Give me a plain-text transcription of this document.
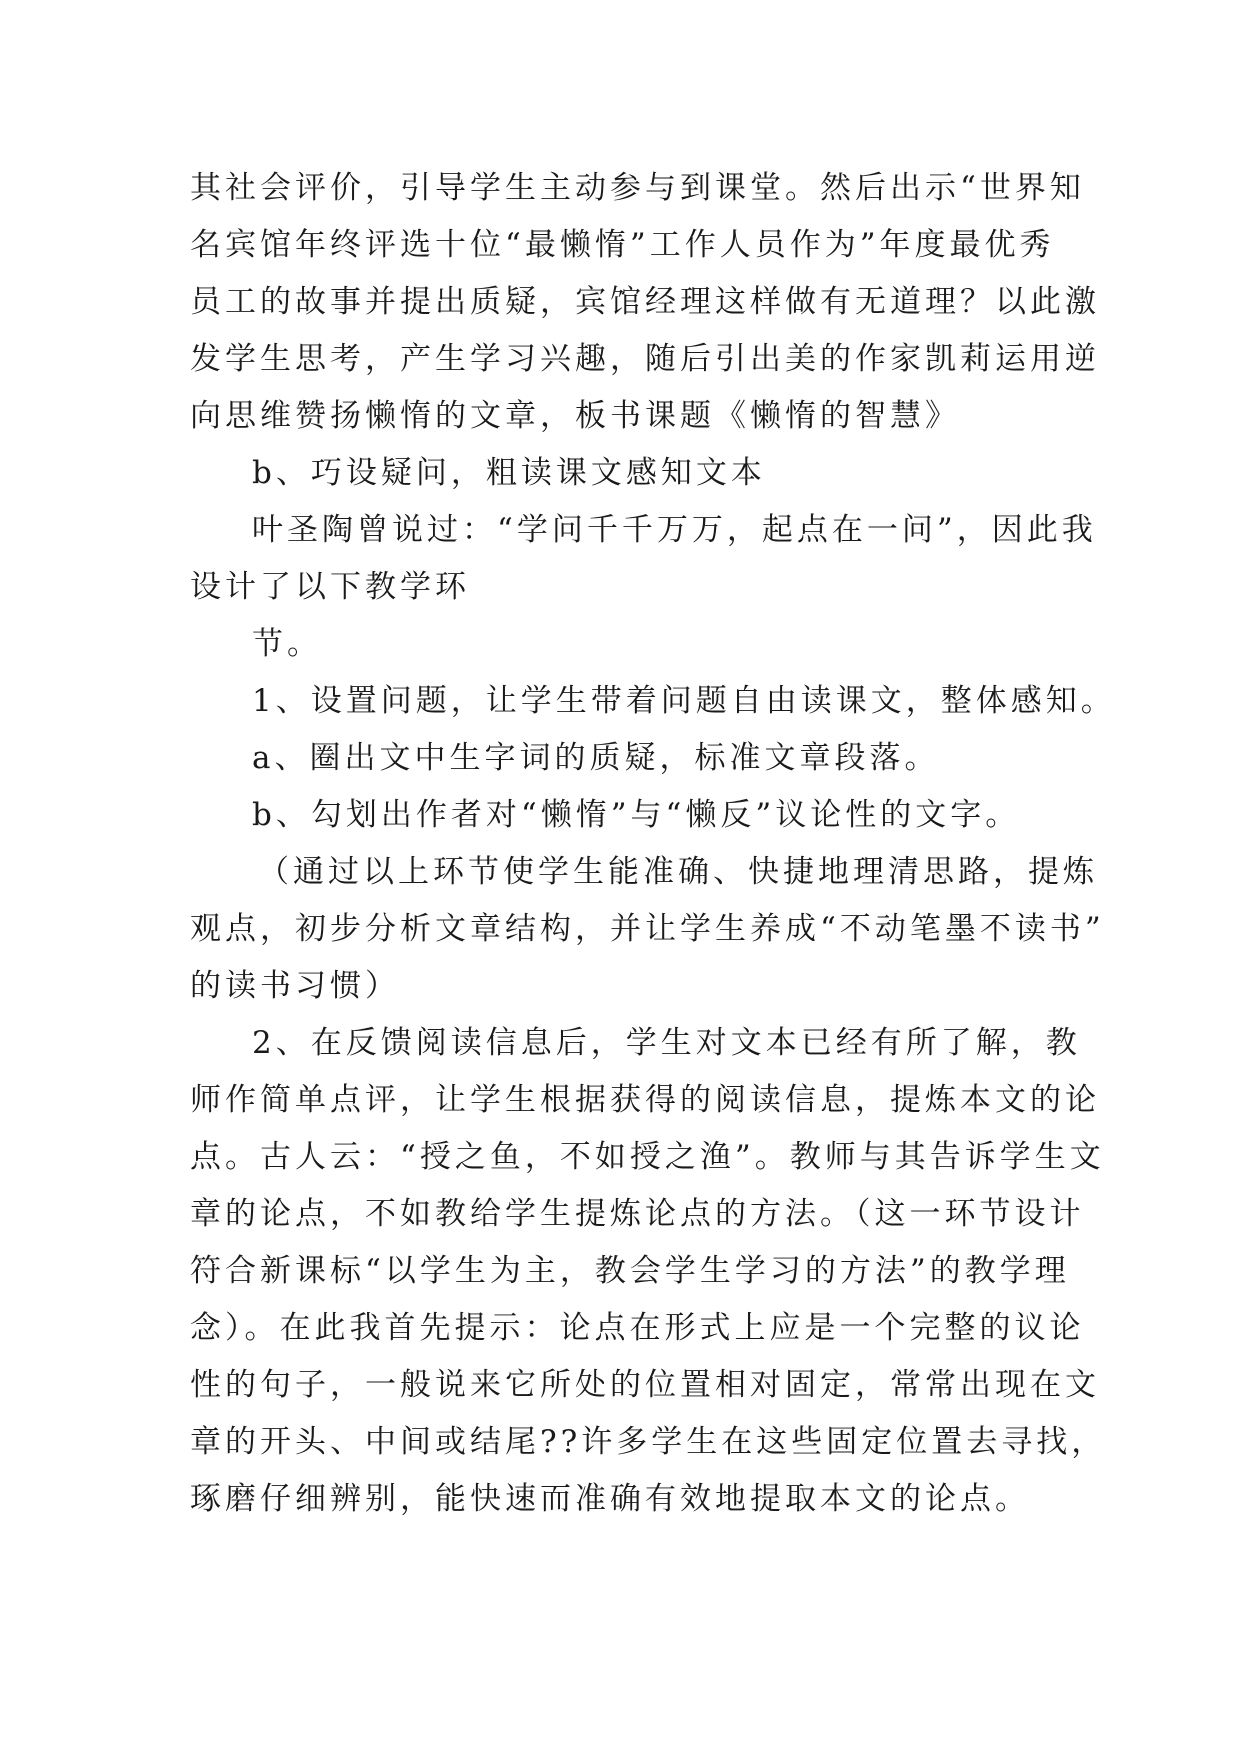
其社会评价，引导学生主动参与到课堂。然后出示“世界知
名宾馆年终评选十位“最懒惰”工作人员作为”年度最优秀
员工的故事并提出质疑，宾馆经理这样做有无道理？以此激
发学生思考，产生学习兴趣，随后引出美的作家凯莉运用逆
向思维赞扬懒惰的文章，板书课题《懒惰的智慧》
b、巧设疑问，粗读课文感知文本
叶圣陶曾说过：“学问千千万万，起点在一问”，因此我
设计了以下教学环
节。
1、设置问题，让学生带着问题自由读课文，整体感知。
a、圈出文中生字词的质疑，标准文章段落。
b、勾划出作者对“懒惰”与“懒反”议论性的文字。
（通过以上环节使学生能准确、快捷地理清思路，提炼
观点，初步分析文章结构，并让学生养成“不动笔墨不读书”
的读书习惯）
2、在反馈阅读信息后，学生对文本已经有所了解，教
师作简单点评，让学生根据获得的阅读信息，提炼本文的论
点。古人云：“授之鱼，不如授之渔”。教师与其告诉学生文
章的论点，不如教给学生提炼论点的方法。（这一环节设计
符合新课标“以学生为主，教会学生学习的方法”的教学理
念）。在此我首先提示：论点在形式上应是一个完整的议论
性的句子，一般说来它所处的位置相对固定，常常出现在文
章的开头、中间或结尾??许多学生在这些固定位置去寻找，
琢磨仔细辨别，能快速而准确有效地提取本文的论点。
